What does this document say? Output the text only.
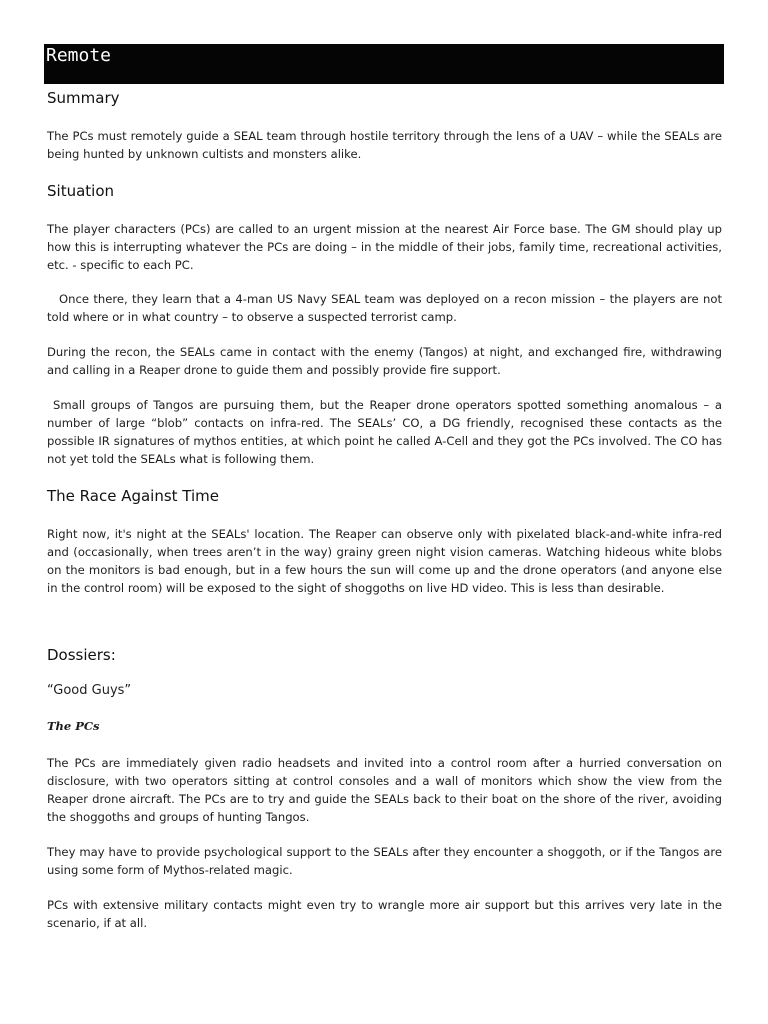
Remote
Summary

The PCs must remotely guide a SEAL team through hostile territory through the lens of a UAV – while the SEALs are being hunted by unknown cultists and monsters alike.

Situation

The player characters (PCs) are called to an urgent mission at the nearest Air Force base. The GM should play up how this is interrupting whatever the PCs are doing – in the middle of their jobs, family time, recreational activities, etc. - specific to each PC.

Once there, they learn that a 4-man US Navy SEAL team was deployed on a recon mission – the players are not told where or in what country – to observe a suspected terrorist camp.

During the recon, the SEALs came in contact with the enemy (Tangos) at night, and exchanged fire, withdrawing and calling in a Reaper drone to guide them and possibly provide fire support.

Small groups of Tangos are pursuing them, but the Reaper drone operators spotted something anomalous – a number of large “blob” contacts on infra-red. The SEALs’ CO, a DG friendly, recognised these contacts as the possible IR signatures of mythos entities, at which point he called A-Cell and they got the PCs involved. The CO has not yet told the SEALs what is following them.

The Race Against Time

Right now, it's night at the SEALs' location. The Reaper can observe only with pixelated black-and-white infra-red and (occasionally, when trees aren’t in the way) grainy green night vision cameras. Watching hideous white blobs on the monitors is bad enough, but in a few hours the sun will come up and the drone operators (and anyone else in the control room) will be exposed to the sight of shoggoths on live HD video. This is less than desirable.

Dossiers:
“Good Guys”
The PCs

The PCs are immediately given radio headsets and invited into a control room after a hurried conversation on disclosure, with two operators sitting at control consoles and a wall of monitors which show the view from the Reaper drone aircraft. The PCs are to try and guide the SEALs back to their boat on the shore of the river, avoiding the shoggoths and groups of hunting Tangos.

They may have to provide psychological support to the SEALs after they encounter a shoggoth, or if the Tangos are using some form of Mythos-related magic.

PCs with extensive military contacts might even try to wrangle more air support but this arrives very late in the scenario, if at all.
